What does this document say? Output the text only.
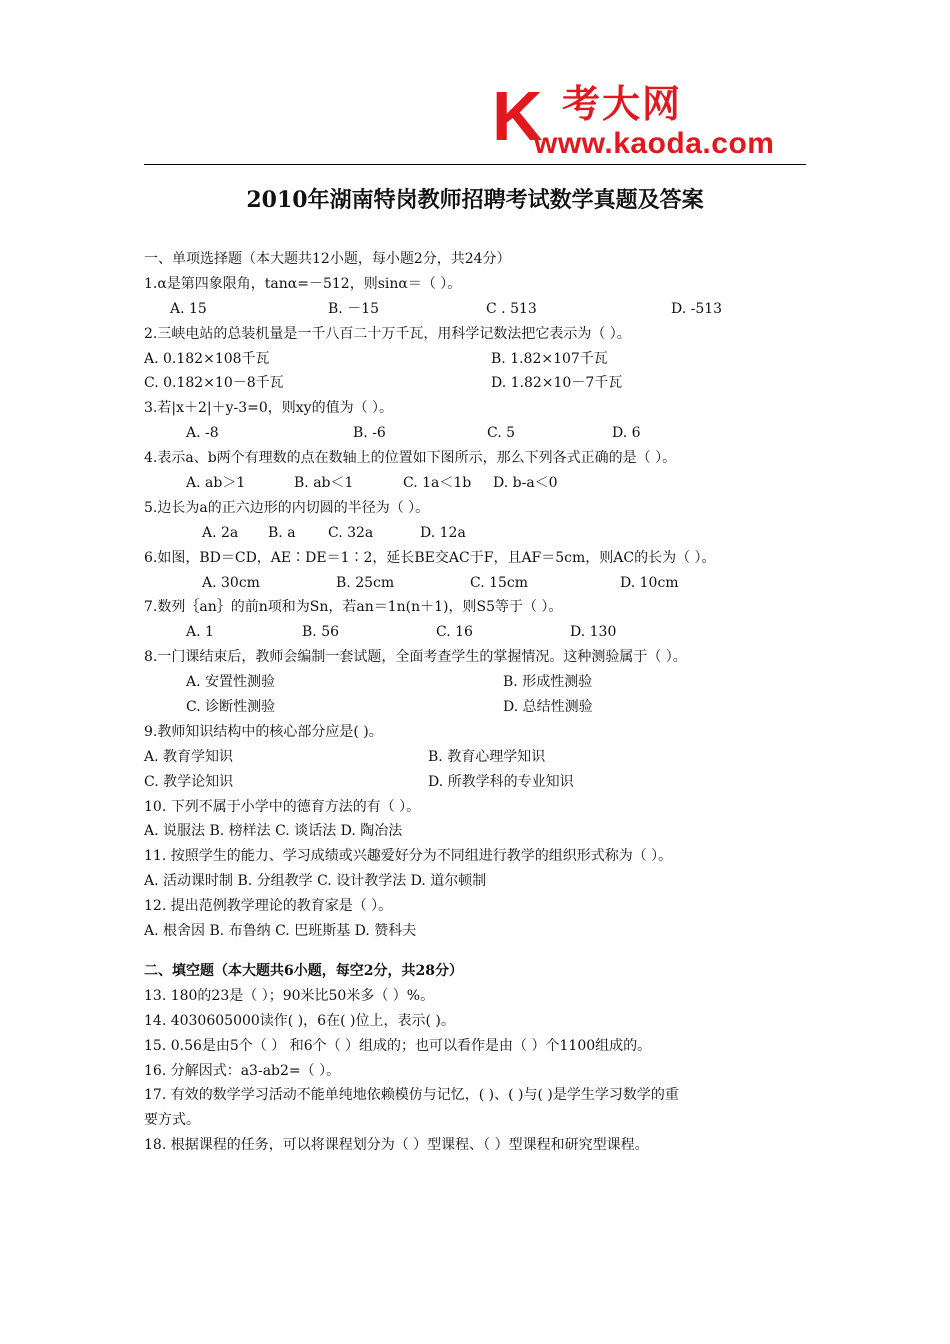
K 考大网
www.kaoda.com
2010年湖南特岗教师招聘考试数学真题及答案
一、单项选择题（本大题共12小题，每小题2分，共24分）
1.α是第四象限角，tanα=－512，则sinα＝（ ）。
A. 15	B. －15	C . 513	D. -513
2.三峡电站的总装机量是一千八百二十万千瓦，用科学记数法把它表示为（ ）。
A. 0.182×108千瓦	B. 1.82×107千瓦
C. 0.182×10－8千瓦	D. 1.82×10－7千瓦
3.若|x＋2|＋y-3=0，则xy的值为（ ）。
A. -8	B. -6	C. 5	D. 6
4.表示a、b两个有理数的点在数轴上的位置如下图所示，那么下列各式正确的是（ ）。
A. ab＞1	B. ab＜1	C. 1a＜1b D. b-a＜0
5.边长为a的正六边形的内切圆的半径为（ ）。
A. 2a B. a C. 32a	D. 12a
6.如图，BD＝CD，AE∶DE＝1∶2，延长BE交AC于F，且AF＝5cm，则AC的长为（ ）。
A. 30cm	B. 25cm	C. 15cm	D. 10cm
7.数列｛an｝的前n项和为Sn，若an＝1n(n＋1)，则S5等于（ ）。
A. 1	B. 56	C. 16	D. 130
8.一门课结束后，教师会编制一套试题，全面考查学生的掌握情况。这种测验属于（ ）。
A. 安置性测验	B. 形成性测验
C. 诊断性测验	D. 总结性测验
9.教师知识结构中的核心部分应是( )。
A. 教育学知识	B. 教育心理学知识
C. 教学论知识	D. 所教学科的专业知识
10. 下列不属于小学中的德育方法的有（ ）。
A. 说服法 B. 榜样法 C. 谈话法 D. 陶冶法
11. 按照学生的能力、学习成绩或兴趣爱好分为不同组进行教学的组织形式称为（ ）。
A. 活动课时制 B. 分组教学 C. 设计教学法 D. 道尔顿制
12. 提出范例教学理论的教育家是（ ）。
A. 根舍因 B. 布鲁纳 C. 巴班斯基 D. 赞科夫
二、填空题（本大题共6小题，每空2分，共28分）
13. 180的23是（ ）；90米比50米多（ ）%。
14. 4030605000读作( )，6在( )位上，表示( )。
15. 0.56是由5个（ ） 和6个（ ）组成的；也可以看作是由（ ）个1100组成的。
16. 分解因式：a3-ab2=（ ）。
17. 有效的数学学习活动不能单纯地依赖模仿与记忆，( )、( )与( )是学生学习数学的重
要方式。
18. 根据课程的任务，可以将课程划分为（ ）型课程、（ ）型课程和研究型课程。
